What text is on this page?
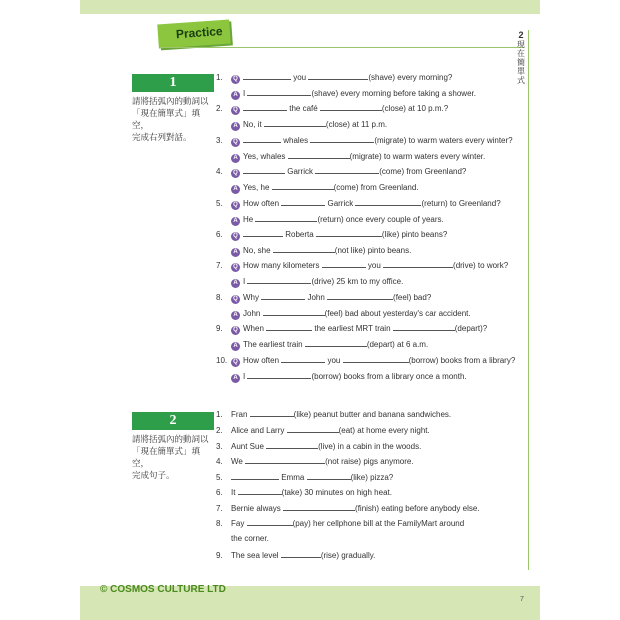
Practice	2
現
在
簡
單
式
1
請將括弧內的動詞以
「現在簡單式」填空，
完成右列對話。
1. Q	you	(shave) every morning?
A I	(shave) every morning before taking a shower.
2. Q	the café	(close) at 10 p.m.?
A No, it	(close) at 11 p.m.
3. Q	whales	(migrate) to warm waters every winter?
A Yes, whales	(migrate) to warm waters every winter.
4. Q	Garrick	(come) from Greenland?
A Yes, he	(come) from Greenland.
5. Q How often	Garrick	(return) to Greenland?
A He	(return) once every couple of years.
6. Q	Roberta	(like) pinto beans?
A No, she	(not like) pinto beans.
7. Q How many kilometers	you	(drive) to work?
A I	(drive) 25 km to my office.
8. Q Why	John	(feel) bad?
A John	(feel) bad about yesterday's car accident.
9. Q When	the earliest MRT train	(depart)?
A The earliest train	(depart) at 6 a.m.
10. Q How often	you	(borrow) books from a library?
A I	(borrow) books from a library once a month.
2
請將括弧內的動詞以
「現在簡單式」填空，
完成句子。
1. Fran	(like) peanut butter and banana sandwiches.
2. Alice and Larry	(eat) at home every night.
3. Aunt Sue	(live) in a cabin in the woods.
4. We	(not raise) pigs anymore.
5.	Emma	(like) pizza?
6. It	(take) 30 minutes on high heat.
7. Bernie always	(finish) eating before anybody else.
8. Fay	(pay) her cellphone bill at the FamilyMart around
the corner.
9. The sea level	(rise) gradually.
© COSMOS CULTURE LTD
7
